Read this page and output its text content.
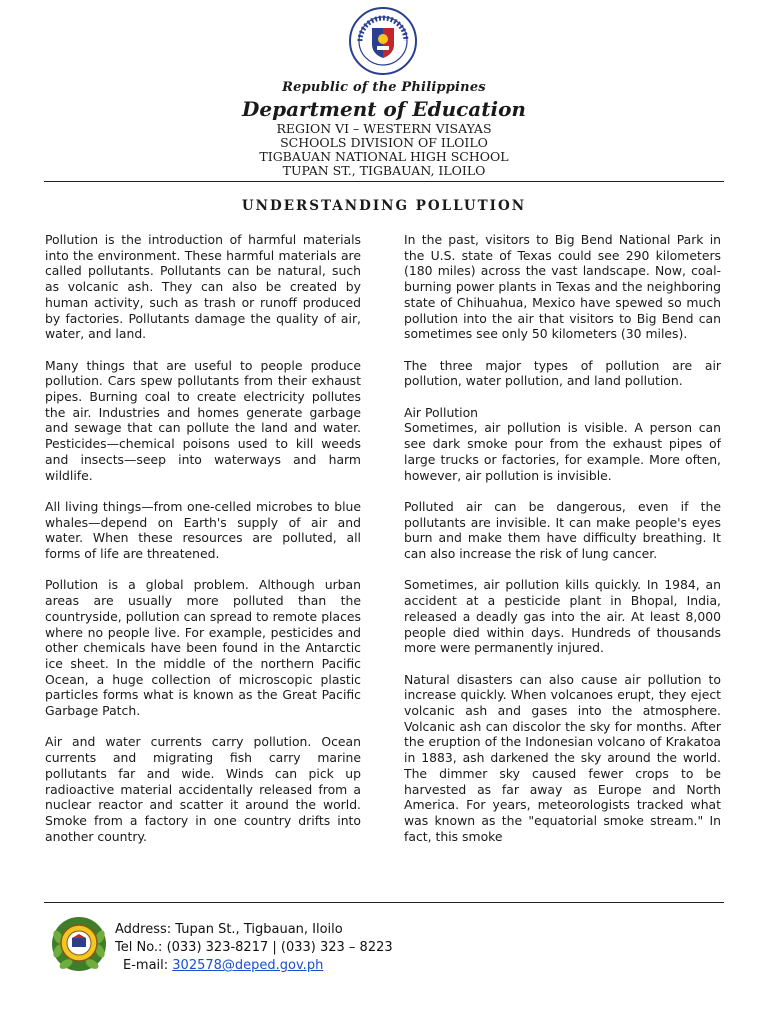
Republic of the Philippines
Department of Education
REGION VI – WESTERN VISAYAS
SCHOOLS DIVISION OF ILOILO
TIGBAUAN NATIONAL HIGH SCHOOL
TUPAN ST., TIGBAUAN, ILOILO
UNDERSTANDING POLLUTION

Pollution is the introduction of harmful materials into the environment. These harmful materials are called pollutants. Pollutants can be natural, such as volcanic ash. They can also be created by human activity, such as trash or runoff produced by factories. Pollutants damage the quality of air, water, and land.

Many things that are useful to people produce pollution. Cars spew pollutants from their exhaust pipes. Burning coal to create electricity pollutes the air. Industries and homes generate garbage and sewage that can pollute the land and water. Pesticides—chemical poisons used to kill weeds and insects—seep into waterways and harm wildlife.

All living things—from one-celled microbes to blue whales—depend on Earth's supply of air and water. When these resources are polluted, all forms of life are threatened.

Pollution is a global problem. Although urban areas are usually more polluted than the countryside, pollution can spread to remote places where no people live. For example, pesticides and other chemicals have been found in the Antarctic ice sheet. In the middle of the northern Pacific Ocean, a huge collection of microscopic plastic particles forms what is known as the Great Pacific Garbage Patch.

Air and water currents carry pollution. Ocean currents and migrating fish carry marine pollutants far and wide. Winds can pick up radioactive material accidentally released from a nuclear reactor and scatter it around the world. Smoke from a factory in one country drifts into another country.

In the past, visitors to Big Bend National Park in the U.S. state of Texas could see 290 kilometers (180 miles) across the vast landscape. Now, coal-burning power plants in Texas and the neighboring state of Chihuahua, Mexico have spewed so much pollution into the air that visitors to Big Bend can sometimes see only 50 kilometers (30 miles).

The three major types of pollution are air pollution, water pollution, and land pollution.

Air Pollution

Sometimes, air pollution is visible. A person can see dark smoke pour from the exhaust pipes of large trucks or factories, for example. More often, however, air pollution is invisible.

Polluted air can be dangerous, even if the pollutants are invisible. It can make people's eyes burn and make them have difficulty breathing. It can also increase the risk of lung cancer.

Sometimes, air pollution kills quickly. In 1984, an accident at a pesticide plant in Bhopal, India, released a deadly gas into the air. At least 8,000 people died within days. Hundreds of thousands more were permanently injured.

Natural disasters can also cause air pollution to increase quickly. When volcanoes erupt, they eject volcanic ash and gases into the atmosphere. Volcanic ash can discolor the sky for months. After the eruption of the Indonesian volcano of Krakatoa in 1883, ash darkened the sky around the world. The dimmer sky caused fewer crops to be harvested as far away as Europe and North America. For years, meteorologists tracked what was known as the "equatorial smoke stream." In fact, this smoke

Address: Tupan St., Tigbauan, Iloilo
Tel No.: (033) 323-8217 | (033) 323 – 8223
E-mail: 302578@deped.gov.ph
